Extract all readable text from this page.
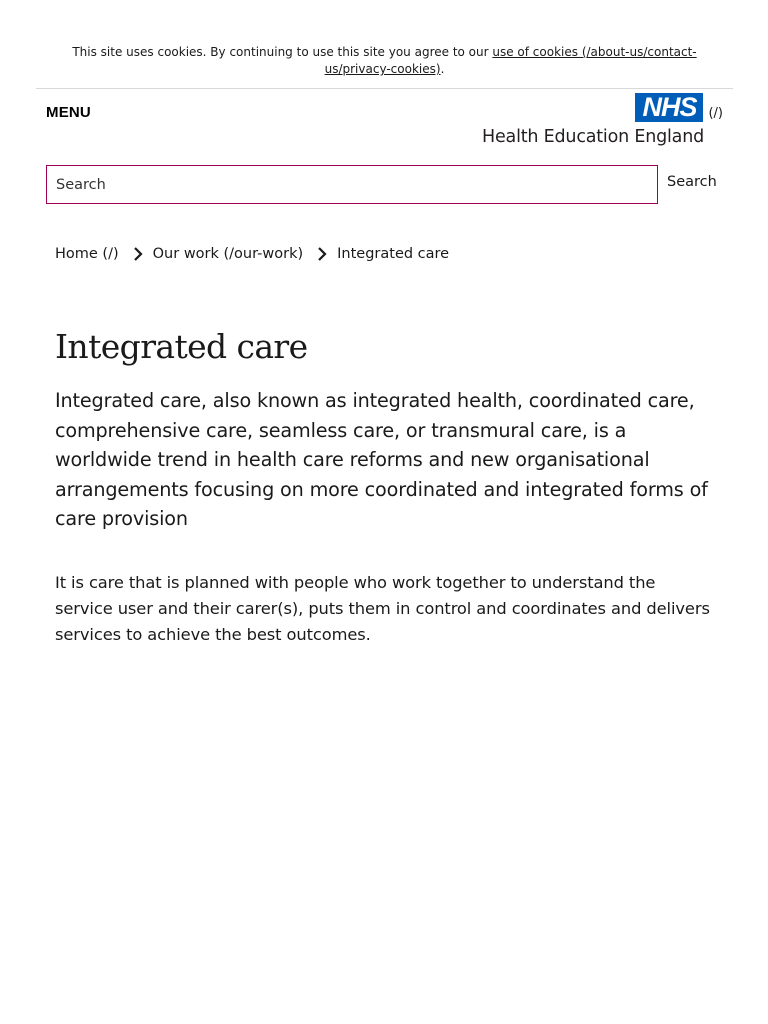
This site uses cookies. By continuing to use this site you agree to our use of cookies (/about-us/contact-us/privacy-cookies).
MENU	NHS (/)
Health Education England
Search
Search
Home (/) Our work (/our-work) Integrated care
Integrated care

Integrated care, also known as integrated health, coordinated care, comprehensive care, seamless care, or transmural care, is a worldwide trend in health care reforms and new organisational arrangements focusing on more coordinated and integrated forms of care provision

It is care that is planned with people who work together to understand the service user and their carer(s), puts them in control and coordinates and delivers services to achieve the best outcomes.
